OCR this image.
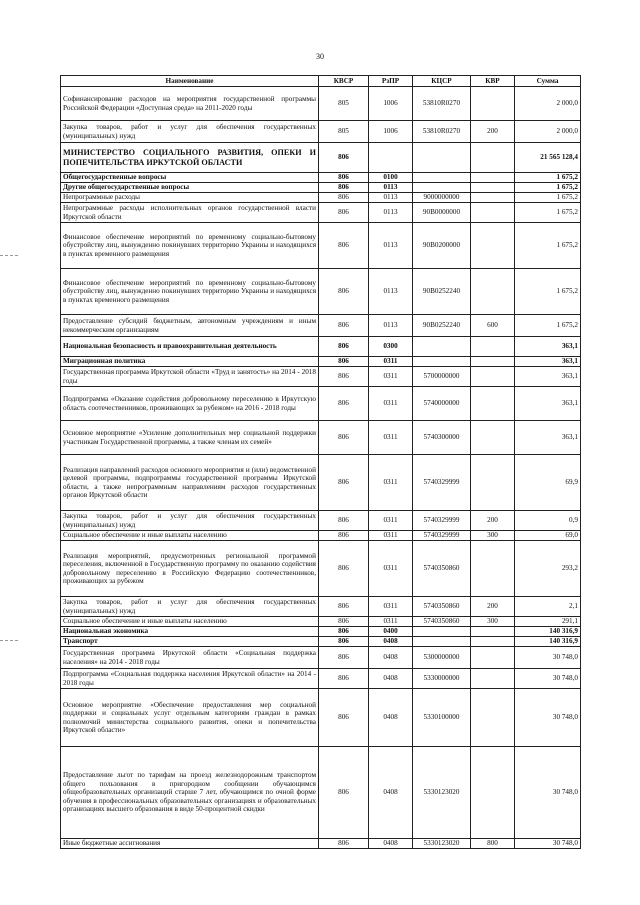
30
Наименование	КВСР	РзПР	КЦСР	КВР	Сумма
Софинансирование расходов на мероприятия государственной программы Российской Федерации «Доступная среда» на 2011-2020 годы	805	1006	53810R0270		2 000,0
Закупка товаров, работ и услуг для обеспечения государственных (муниципальных) нужд	805	1006	53810R0270	200	2 000,0
МИНИСТЕРСТВО СОЦИАЛЬНОГО РАЗВИТИЯ, ОПЕКИ И ПОПЕЧИТЕЛЬСТВА ИРКУТСКОЙ ОБЛАСТИ	806				21 565 128,4
Общегосударственные вопросы	806	0100			1 675,2
Другие общегосударственные вопросы	806	0113			1 675,2
Непрограммные расходы	806	0113	9000000000		1 675,2
Непрограммные расходы исполнительных органов государственной власти Иркутской области	806	0113	90В0000000		1 675,2
Финансовое обеспечение мероприятий по временному социально-бытовому обустройству лиц, вынужденно покинувших территорию Украины и находящихся в пунктах временного размещения	806	0113	90В0200000		1 675,2
Финансовое обеспечение мероприятий по временному социально-бытовому обустройству лиц, вынужденно покинувших территорию Украины и находящихся в пунктах временного размещения	806	0113	90В0252240		1 675,2
Предоставление субсидий бюджетным, автономным учреждениям и иным некоммерческим организациям	806	0113	90В0252240	600	1 675,2
Национальная безопасность и правоохранительная деятельность	806	0300			363,1
Миграционная политика	806	0311			363,1
Государственная программа Иркутской области «Труд и занятость» на 2014 - 2018 годы	806	0311	5700000000		363,1
Подпрограмма «Оказание содействия добровольному переселению в Иркутскую область соотечественников, проживающих за рубежом» на 2016 - 2018 годы	806	0311	5740000000		363,1
Основное мероприятие «Усиление дополнительных мер социальной поддержки участникам Государственной программы, а также членам их семей»	806	0311	5740300000		363,1
Реализация направлений расходов основного мероприятия и (или) ведомственной целевой программы, подпрограммы государственной программы Иркутской области, а также непрограммным направлениям расходов государственных органов Иркутской области	806	0311	5740329999		69,9
Закупка товаров, работ и услуг для обеспечения государственных (муниципальных) нужд	806	0311	5740329999	200	0,9
Социальное обеспечение и иные выплаты населению	806	0311	5740329999	300	69,0
Реализация мероприятий, предусмотренных региональной программой переселения, включенной в Государственную программу по оказанию содействия добровольному переселению в Российскую Федерацию соотечественников, проживающих за рубежом	806	0311	5740350860		293,2
Закупка товаров, работ и услуг для обеспечения государственных (муниципальных) нужд	806	0311	5740350860	200	2,1
Социальное обеспечение и иные выплаты населению	806	0311	5740350860	300	291,1
Национальная экономика	806	0400			140 316,9
Транспорт	806	0408			140 316,9
Государственная программа Иркутской области «Социальная поддержка населения» на 2014 - 2018 годы	806	0408	5300000000		30 748,0
Подпрограмма «Социальная поддержка населения Иркутской области» на 2014 - 2018 годы	806	0408	5330000000		30 748,0
Основное мероприятие «Обеспечение предоставления мер социальной поддержки и социальных услуг отдельным категориям граждан в рамках полномочий министерства социального развития, опеки и попечительства Иркутской области»	806	0408	5330100000		30 748,0
Предоставление льгот по тарифам на проезд железнодорожным транспортом общего пользования в пригородном сообщении обучающимся общеобразовательных организаций старше 7 лет, обучающимся по очной форме обучения в профессиональных образовательных организациях и образовательных организациях высшего образования в виде 50-процентной скидки	806	0408	5330123020		30 748,0
Иные бюджетные ассигнования	806	0408	5330123020	800	30 748,0
